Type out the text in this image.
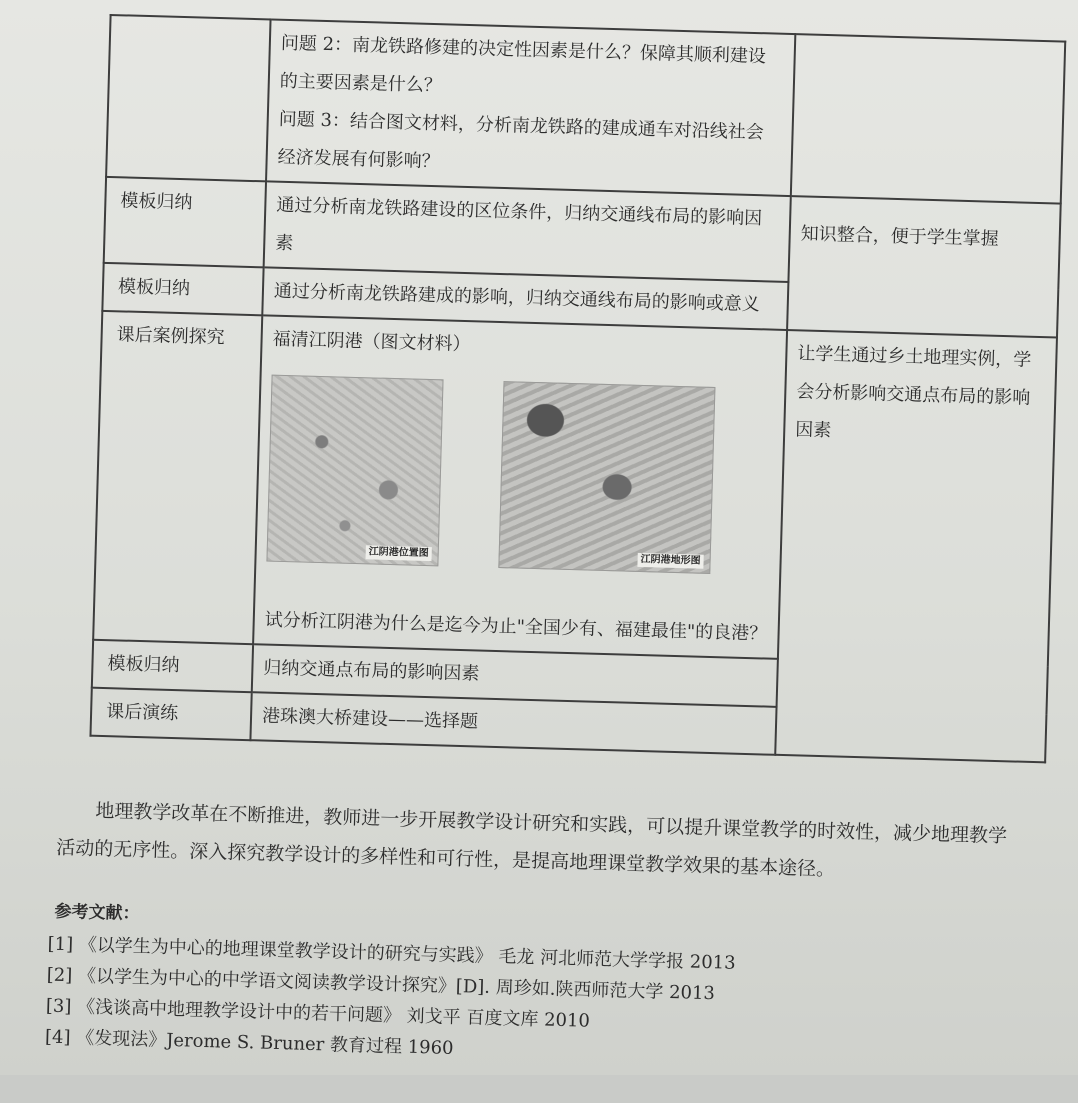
	问题 2：南龙铁路修建的决定性因素是什么？保障其顺利建设的主要因素是什么？

问题 3：结合图文材料，分析南龙铁路的建成通车对沿线社会经济发展有何影响？	

模板归纳	通过分析南龙铁路建设的区位条件，归纳交通线布局的影响因素	知识整合，便于学生掌握
模板归纳	通过分析南龙铁路建成的影响，归纳交通线布局的影响或意义	
课后案例探究	福清江阴港（图文材料）
江阴港位置图
江阴港地形图
试分析江阴港为什么是迄今为止"全国少有、福建最佳"的良港？	让学生通过乡土地理实例，学会分析影响交通点布局的影响因素
模板归纳	归纳交通点布局的影响因素	
课后演练	港珠澳大桥建设——选择题	

地理教学改革在不断推进，教师进一步开展教学设计研究和实践，可以提升课堂教学的时效性，减少地理教学活动的无序性。深入探究教学设计的多样性和可行性，是提高地理课堂教学效果的基本途径。

参考文献：

[1] 《以学生为中心的地理课堂教学设计的研究与实践》 毛龙 河北师范大学学报 2013
[2] 《以学生为中心的中学语文阅读教学设计探究》[D]. 周珍如.陕西师范大学 2013
[3] 《浅谈高中地理教学设计中的若干问题》 刘戈平 百度文库 2010
[4] 《发现法》Jerome S. Bruner 教育过程 1960
